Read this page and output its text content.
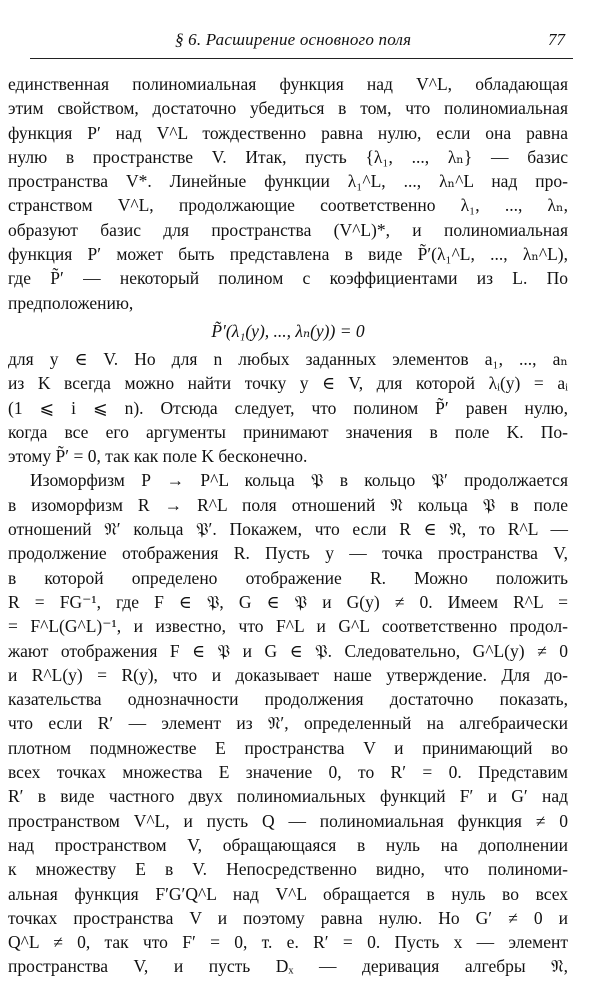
§ 6. Расширение основного поля	77
единственная полиномиальная функция над V^L, обладающая
этим свойством, достаточно убедиться в том, что полиномиальная
функция P′ над V^L тождественно равна нулю, если она равна
нулю в пространстве V. Итак, пусть {λ₁, ..., λₙ} — базис
пространства V*. Линейные функции λ₁^L, ..., λₙ^L над про-
странством V^L, продолжающие соответственно λ₁, ..., λₙ,
образуют базис для пространства (V^L)*, и полиномиальная
функция P′ может быть представлена в виде P̃′(λ₁^L, ..., λₙ^L),
где P̃′ — некоторый полином с коэффициентами из L. По
предположению,
P̃′(λ₁(y), ..., λₙ(y)) = 0
для y ∈ V. Но для n любых заданных элементов a₁, ..., aₙ
из K всегда можно найти точку y ∈ V, для которой λᵢ(y) = aᵢ
(1 ⩽ i ⩽ n). Отсюда следует, что полином P̃′ равен нулю,
когда все его аргументы принимают значения в поле K. По-
этому P̃′ = 0, так как поле K бесконечно.
Изоморфизм P → P^L кольца 𝔓 в кольцо 𝔓′ продолжается
в изоморфизм R → R^L поля отношений 𝔑 кольца 𝔓 в поле
отношений 𝔑′ кольца 𝔓′. Покажем, что если R ∈ 𝔑, то R^L —
продолжение отображения R. Пусть y — точка пространства V,
в которой определено отображение R. Можно положить
R = FG⁻¹, где F ∈ 𝔓, G ∈ 𝔓 и G(y) ≠ 0. Имеем R^L =
= F^L(G^L)⁻¹, и известно, что F^L и G^L соответственно продол-
жают отображения F ∈ 𝔓 и G ∈ 𝔓. Следовательно, G^L(y) ≠ 0
и R^L(y) = R(y), что и доказывает наше утверждение. Для до-
казательства однозначности продолжения достаточно показать,
что если R′ — элемент из 𝔑′, определенный на алгебраически
плотном подмножестве E пространства V и принимающий во
всех точках множества E значение 0, то R′ = 0. Представим
R′ в виде частного двух полиномиальных функций F′ и G′ над
пространством V^L, и пусть Q — полиномиальная функция ≠ 0
над пространством V, обращающаяся в нуль на дополнении
к множеству E в V. Непосредственно видно, что полиноми-
альная функция F′G′Q^L над V^L обращается в нуль во всех
точках пространства V и поэтому равна нулю. Но G′ ≠ 0 и
Q^L ≠ 0, так что F′ = 0, т. е. R′ = 0. Пусть x — элемент
пространства V, и пусть Dₓ — деривация алгебры 𝔑,
